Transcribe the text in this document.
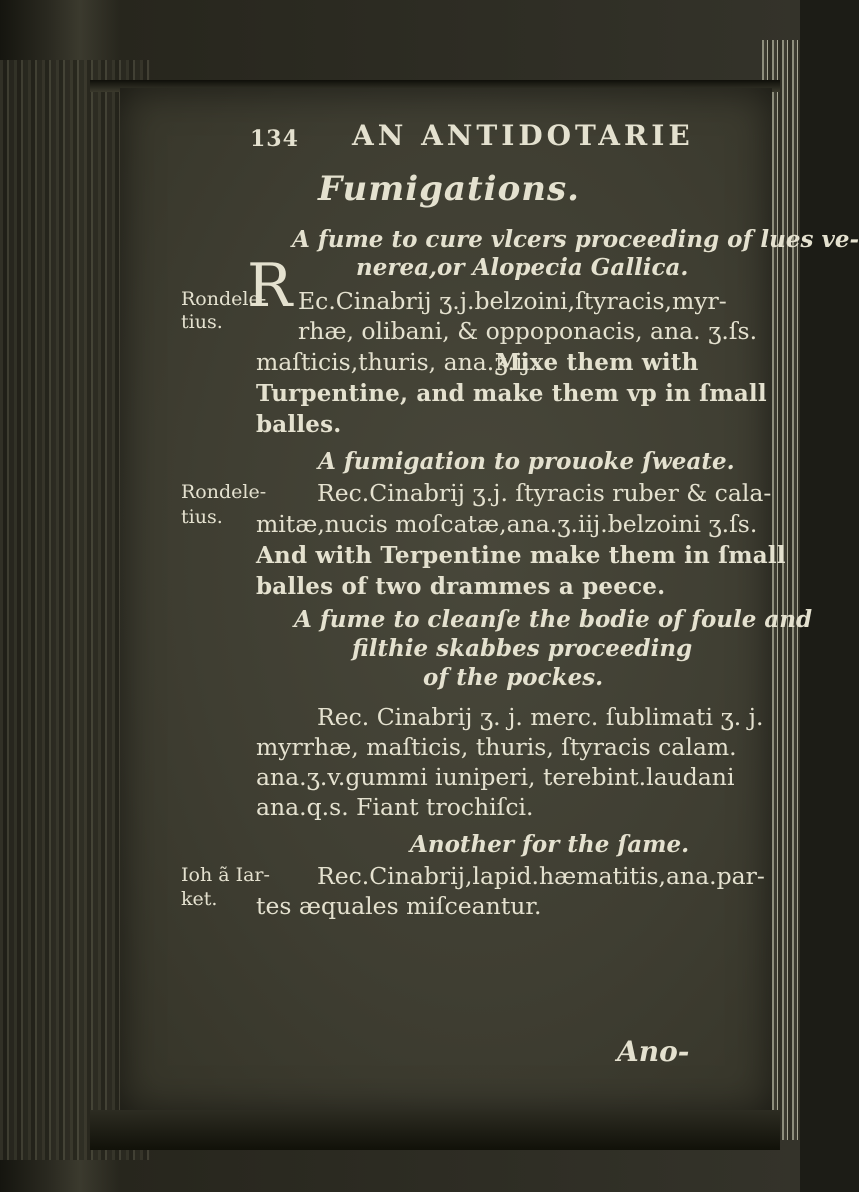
134 AN ANTIDOTARIE
Fumigations.
A fume to cure vlcers proceeding of lues ve-
nerea,or Alopecia Gallica.
Rondele-
tius.
R Ec.Cinabrij ʒ.j.belzoini,ſtyracis,myr-
rhæ, olibani, & oppoponacis, ana. ʒ.ſs.
maſticis,thuris, ana.ʒ.ij.
Mixe them with
Turpentine, and make them vp in ſmall
balles.
A fumigation to prouoke ſweate.
Rondele-
tius.
Rec.Cinabrij ʒ.j. ſtyracis ruber & cala-
mitæ,nucis moſcatæ,ana.ʒ.iij.belzoini ʒ.ſs.
And with Terpentine make them in ſmall
balles of two drammes a peece.
A fume to cleanſe the bodie of foule and
filthie skabbes proceeding
of the pockes.
Rec. Cinabrij ʒ. j. merc. ſublimati ʒ. j.
myrrhæ, maſticis, thuris, ſtyracis calam.
ana.ʒ.v.gummi iuniperi, terebint.laudani
ana.q.s. Fiant trochiſci.
Another for the ſame.
Ioh ã Iar-
ket.
Rec.Cinabrij,lapid.hæmatitis,ana.par-
tes æquales miſceantur.
Ano-
